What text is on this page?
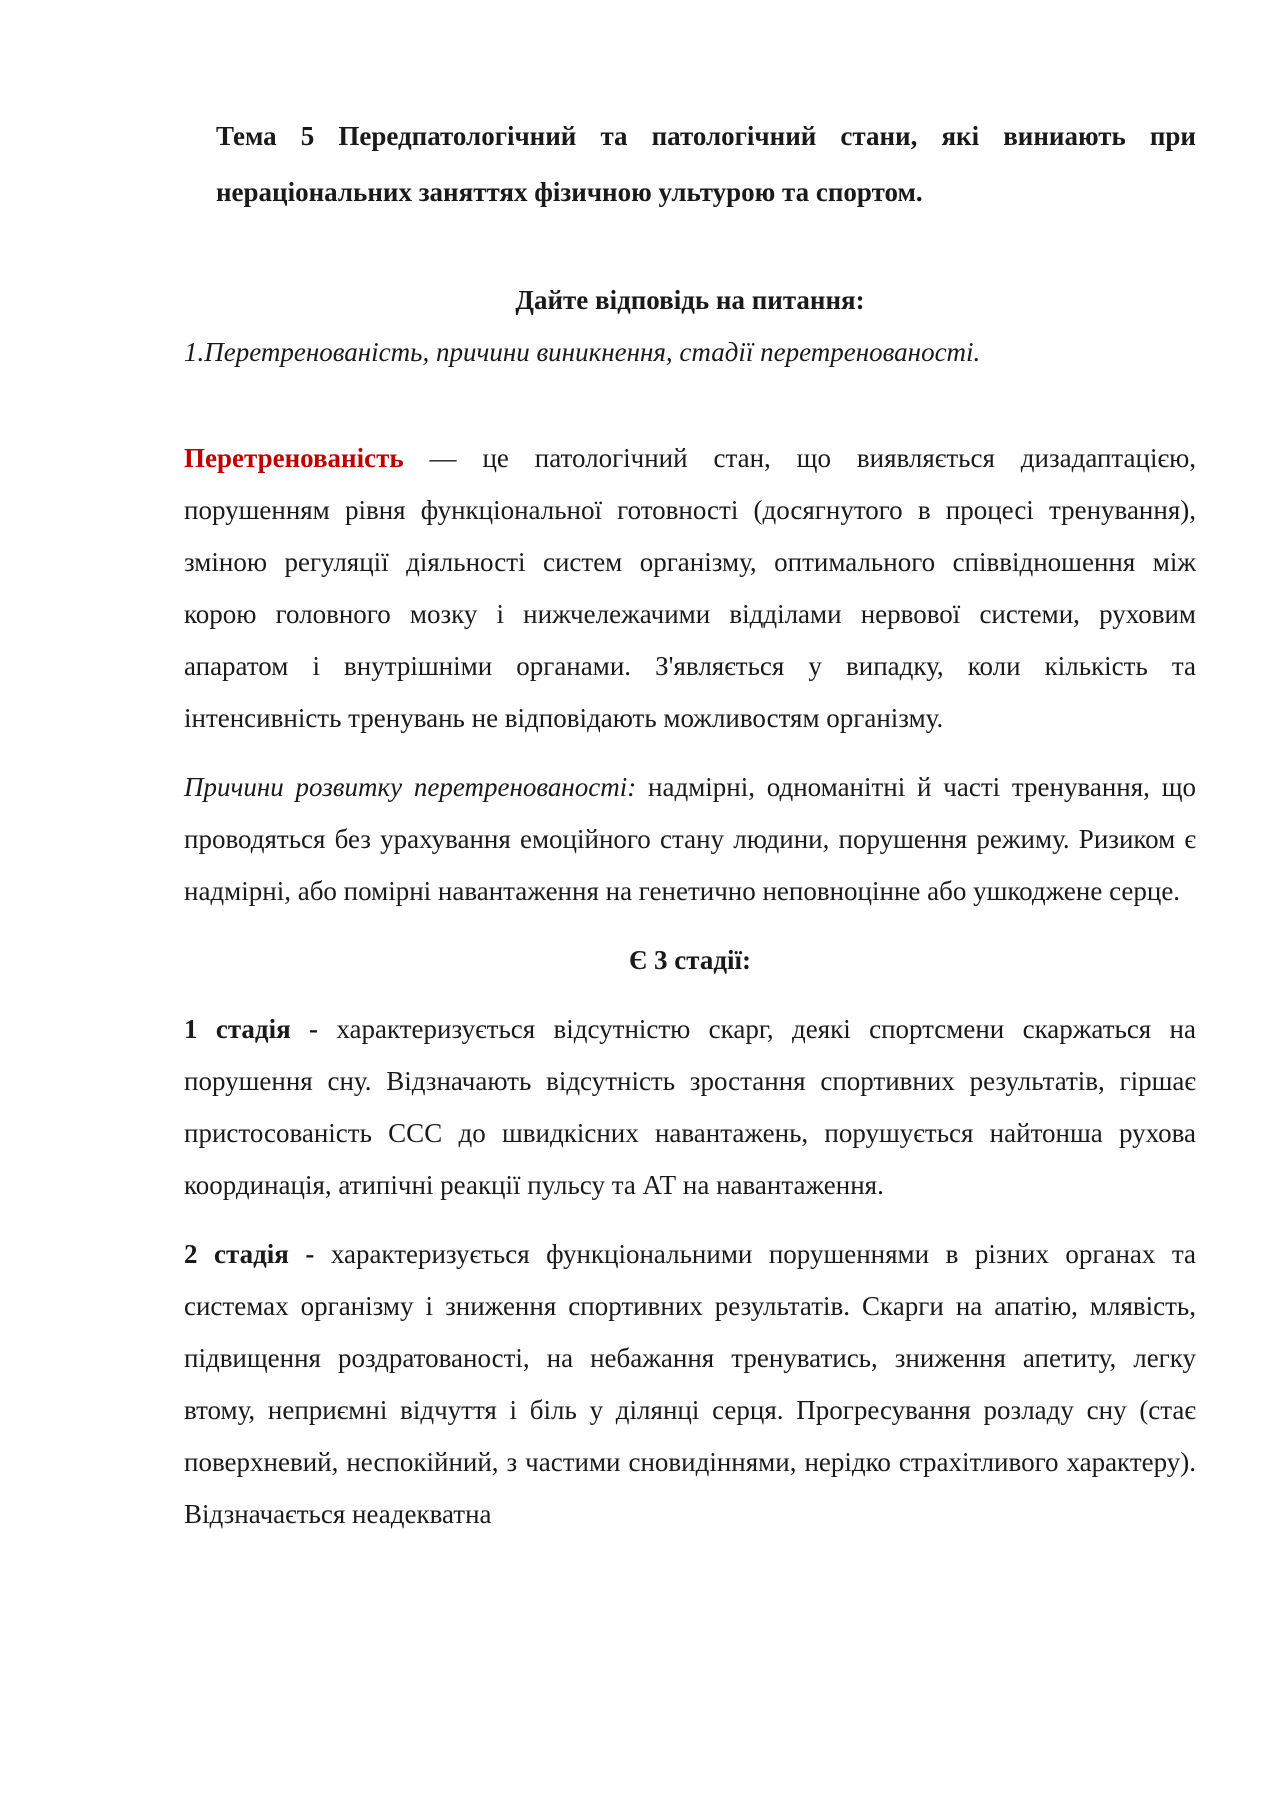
Тема 5 Передпатологічний та патологічний стани, які виниають при нераціональних заняттях фізичною ультурою та спортом.

Дайте відповідь на питання:

1.Перетренованість, причини виникнення, стадії перетренованості.

Перетренованість — це патологічний стан, що виявляється дизадаптацією, порушенням рівня функціональної готовності (досягнутого в процесі тренування), зміною регуляції діяльності систем організму, оптимального співвідношення між корою головного мозку і нижчележачими відділами нервової системи, руховим апаратом і внутрішніми органами. З'являється у випадку, коли кількість та інтенсивність тренувань не відповідають можливостям організму.

Причини розвитку перетренованості: надмірні, одноманітні й часті тренування, що проводяться без урахування емоційного стану людини, порушення режиму. Ризиком є надмірні, або помірні навантаження на генетично неповноцінне або ушкоджене серце.

Є 3 стадії:

1 стадія - характеризується відсутністю скарг, деякі спортсмени скаржаться на порушення сну. Відзначають відсутність зростання спортивних результатів, гіршає пристосованість ССС до швидкісних навантажень, порушується найтонша рухова координація, атипічні реакції пульсу та АТ на навантаження.

2 стадія - характеризується функціональними порушеннями в різних органах та системах організму і зниження спортивних результатів. Скарги на апатію, млявість, підвищення роздратованості, на небажання тренуватись, зниження апетиту, легку втому, неприємні відчуття і біль у ділянці серця. Прогресування розладу сну (стає поверхневий, неспокійний, з частими сновидіннями, нерідко страхітливого характеру). Відзначається неадекватна
